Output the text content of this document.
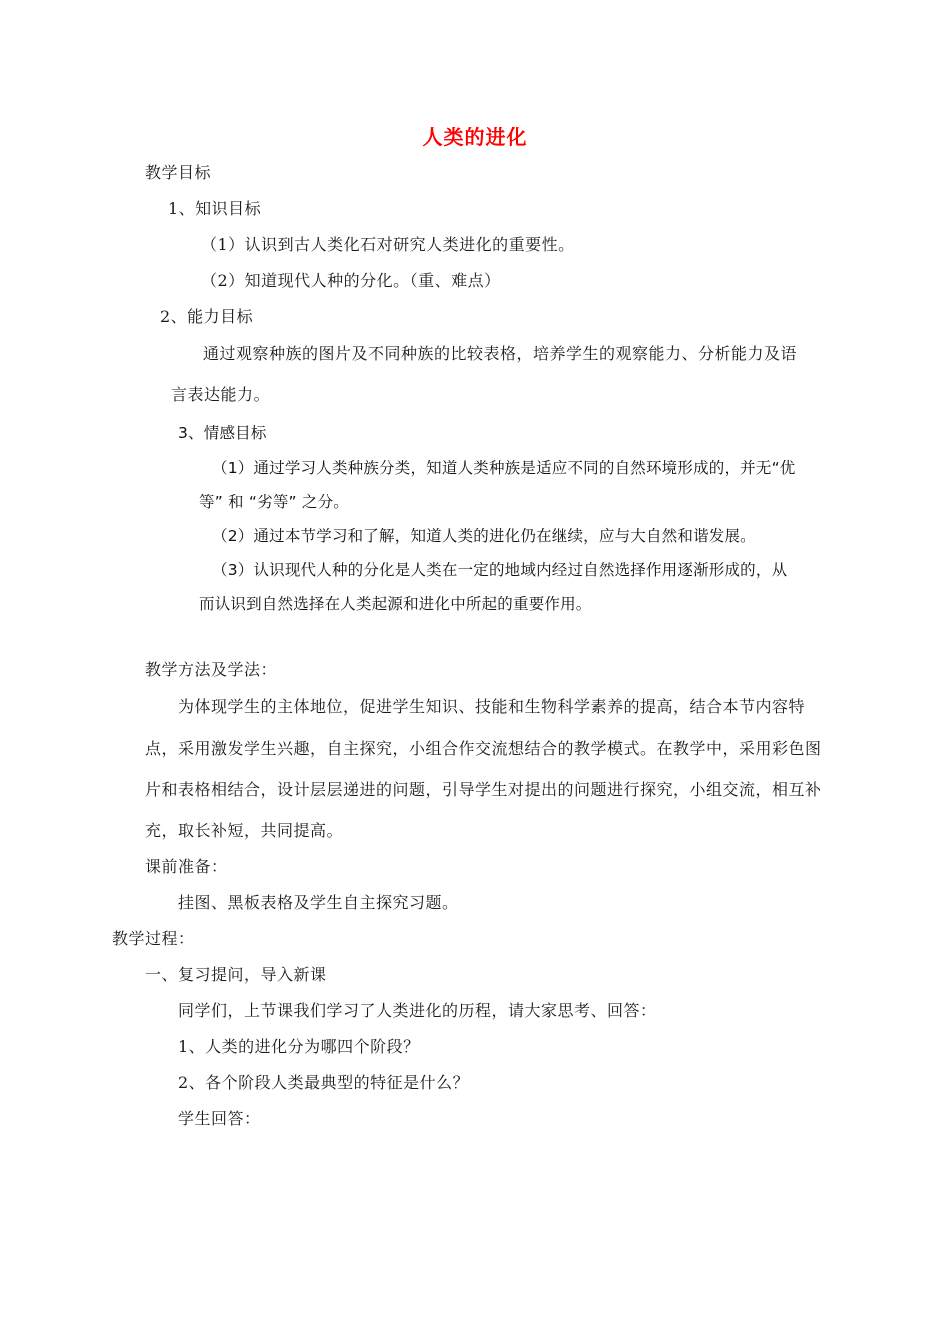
人类的进化
教学目标
1、知识目标
（1）认识到古人类化石对研究人类进化的重要性。
（2）知道现代人种的分化。（重、难点）
2、能力目标
通过观察种族的图片及不同种族的比较表格，培养学生的观察能力、分析能力及语
言表达能力。
3、情感目标
（1）通过学习人类种族分类，知道人类种族是适应不同的自然环境形成的，并无“优
等” 和 “劣等” 之分。
（2）通过本节学习和了解，知道人类的进化仍在继续，应与大自然和谐发展。
（3）认识现代人种的分化是人类在一定的地域内经过自然选择作用逐渐形成的，从
而认识到自然选择在人类起源和进化中所起的重要作用。
教学方法及学法：
为体现学生的主体地位，促进学生知识、技能和生物科学素养的提高，结合本节内容特
点，采用激发学生兴趣，自主探究，小组合作交流想结合的教学模式。在教学中，采用彩色图
片和表格相结合，设计层层递进的问题，引导学生对提出的问题进行探究，小组交流，相互补
充，取长补短，共同提高。
课前准备：
挂图、黑板表格及学生自主探究习题。
教学过程：
一、复习提问，导入新课
同学们，上节课我们学习了人类进化的历程，请大家思考、回答：
1、人类的进化分为哪四个阶段？
2、各个阶段人类最典型的特征是什么？
学生回答：
